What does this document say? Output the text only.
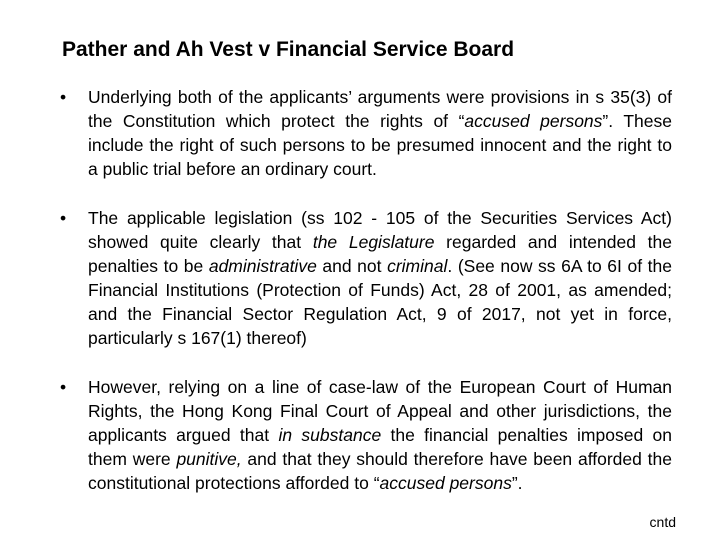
Pather and Ah Vest v Financial Service Board
•	Underlying both of the applicants’ arguments were provisions in s 35(3) of the Constitution which protect the rights of “accused persons”. These include the right of such persons to be presumed innocent and the right to a public trial before an ordinary court.
•	The applicable legislation (ss 102 - 105 of the Securities Services Act) showed quite clearly that the Legislature regarded and intended the penalties to be administrative and not criminal. (See now ss 6A to 6I of the Financial Institutions (Protection of Funds) Act, 28 of 2001, as amended; and the Financial Sector Regulation Act, 9 of 2017, not yet in force, particularly s 167(1) thereof)
•	However, relying on a line of case-law of the European Court of Human Rights, the Hong Kong Final Court of Appeal and other jurisdictions, the applicants argued that in substance the financial penalties imposed on them were punitive, and that they should therefore have been afforded the constitutional protections afforded to “accused persons”.
cntd
